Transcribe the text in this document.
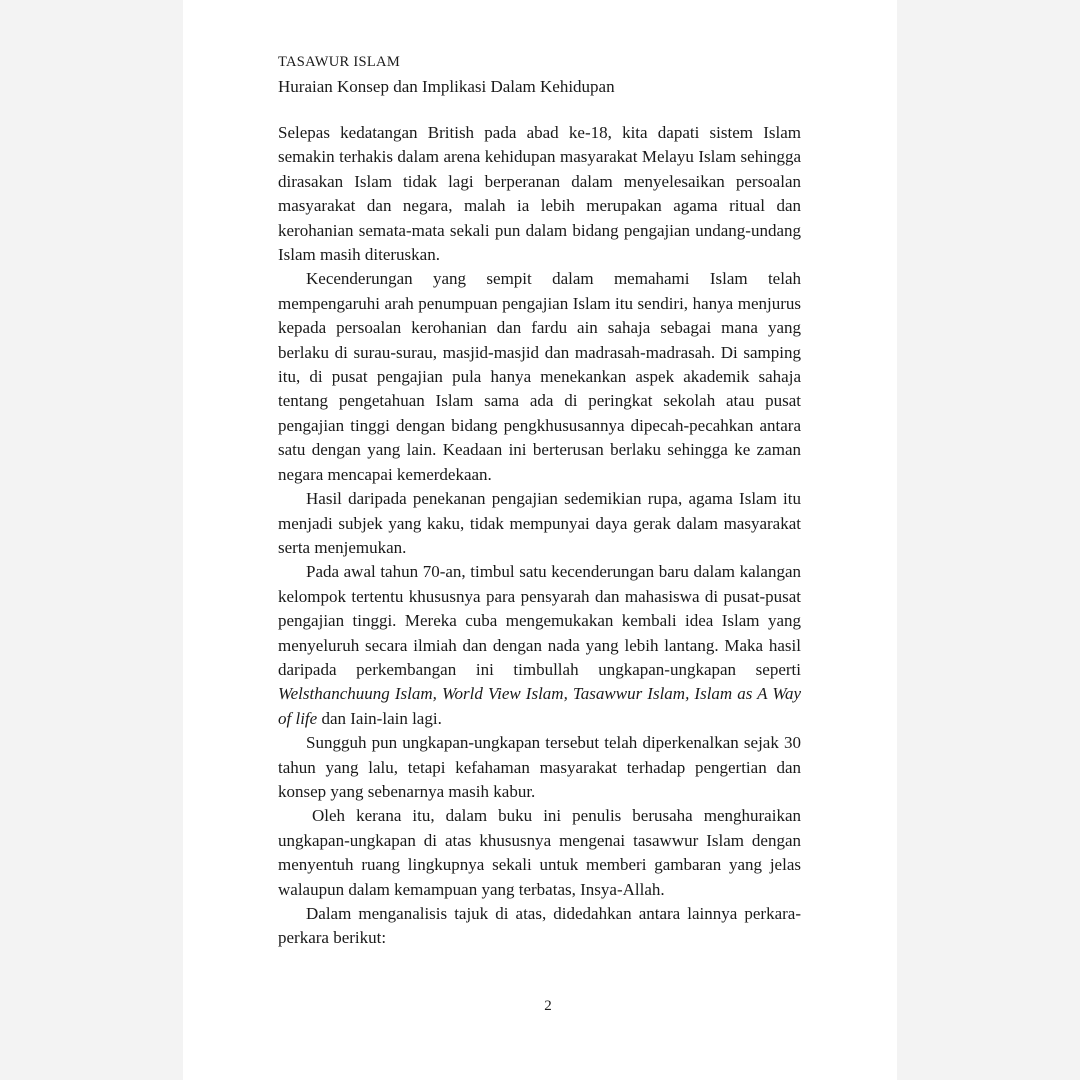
TASAWUR ISLAM
Huraian Konsep dan Implikasi Dalam Kehidupan

Selepas kedatangan British pada abad ke-18, kita dapati sistem Islam semakin terhakis dalam arena kehidupan masyarakat Melayu Islam sehingga dirasakan Islam tidak lagi berperanan dalam menyelesaikan persoalan masyarakat dan negara, malah ia lebih merupakan agama ritual dan kerohanian semata-mata sekali pun dalam bidang pengajian undang-undang Islam masih diteruskan.

Kecenderungan yang sempit dalam memahami Islam telah mempengaruhi arah penumpuan pengajian Islam itu sendiri, hanya menjurus kepada persoalan kerohanian dan fardu ain sahaja sebagai mana yang berlaku di surau-surau, masjid-masjid dan madrasah-madrasah. Di samping itu, di pusat pengajian pula hanya menekankan aspek akademik sahaja tentang pengetahuan Islam sama ada di peringkat sekolah atau pusat pengajian tinggi dengan bidang pengkhususannya dipecah-pecahkan antara satu dengan yang lain. Keadaan ini berterusan berlaku sehingga ke zaman negara mencapai kemerdekaan.

Hasil daripada penekanan pengajian sedemikian rupa, agama Islam itu menjadi subjek yang kaku, tidak mempunyai daya gerak dalam masyarakat serta menjemukan.

Pada awal tahun 70-an, timbul satu kecenderungan baru dalam kalangan kelompok tertentu khususnya para pensyarah dan mahasiswa di pusat-pusat pengajian tinggi. Mereka cuba mengemukakan kembali idea Islam yang menyeluruh secara ilmiah dan dengan nada yang lebih lantang. Maka hasil daripada perkembangan ini timbullah ungkapan-ungkapan seperti Welsthanchuung Islam, World View Islam, Tasawwur Islam, Islam as A Way of life dan Iain-lain lagi.

Sungguh pun ungkapan-ungkapan tersebut telah diperkenalkan sejak 30 tahun yang lalu, tetapi kefahaman masyarakat terhadap pengertian dan konsep yang sebenarnya masih kabur.

Oleh kerana itu, dalam buku ini penulis berusaha menghuraikan ungkapan-ungkapan di atas khususnya mengenai tasawwur Islam dengan menyentuh ruang lingkupnya sekali untuk memberi gambaran yang jelas walaupun dalam kemampuan yang terbatas, Insya-Allah.

Dalam menganalisis tajuk di atas, didedahkan antara lainnya perkara-perkara berikut:

2
